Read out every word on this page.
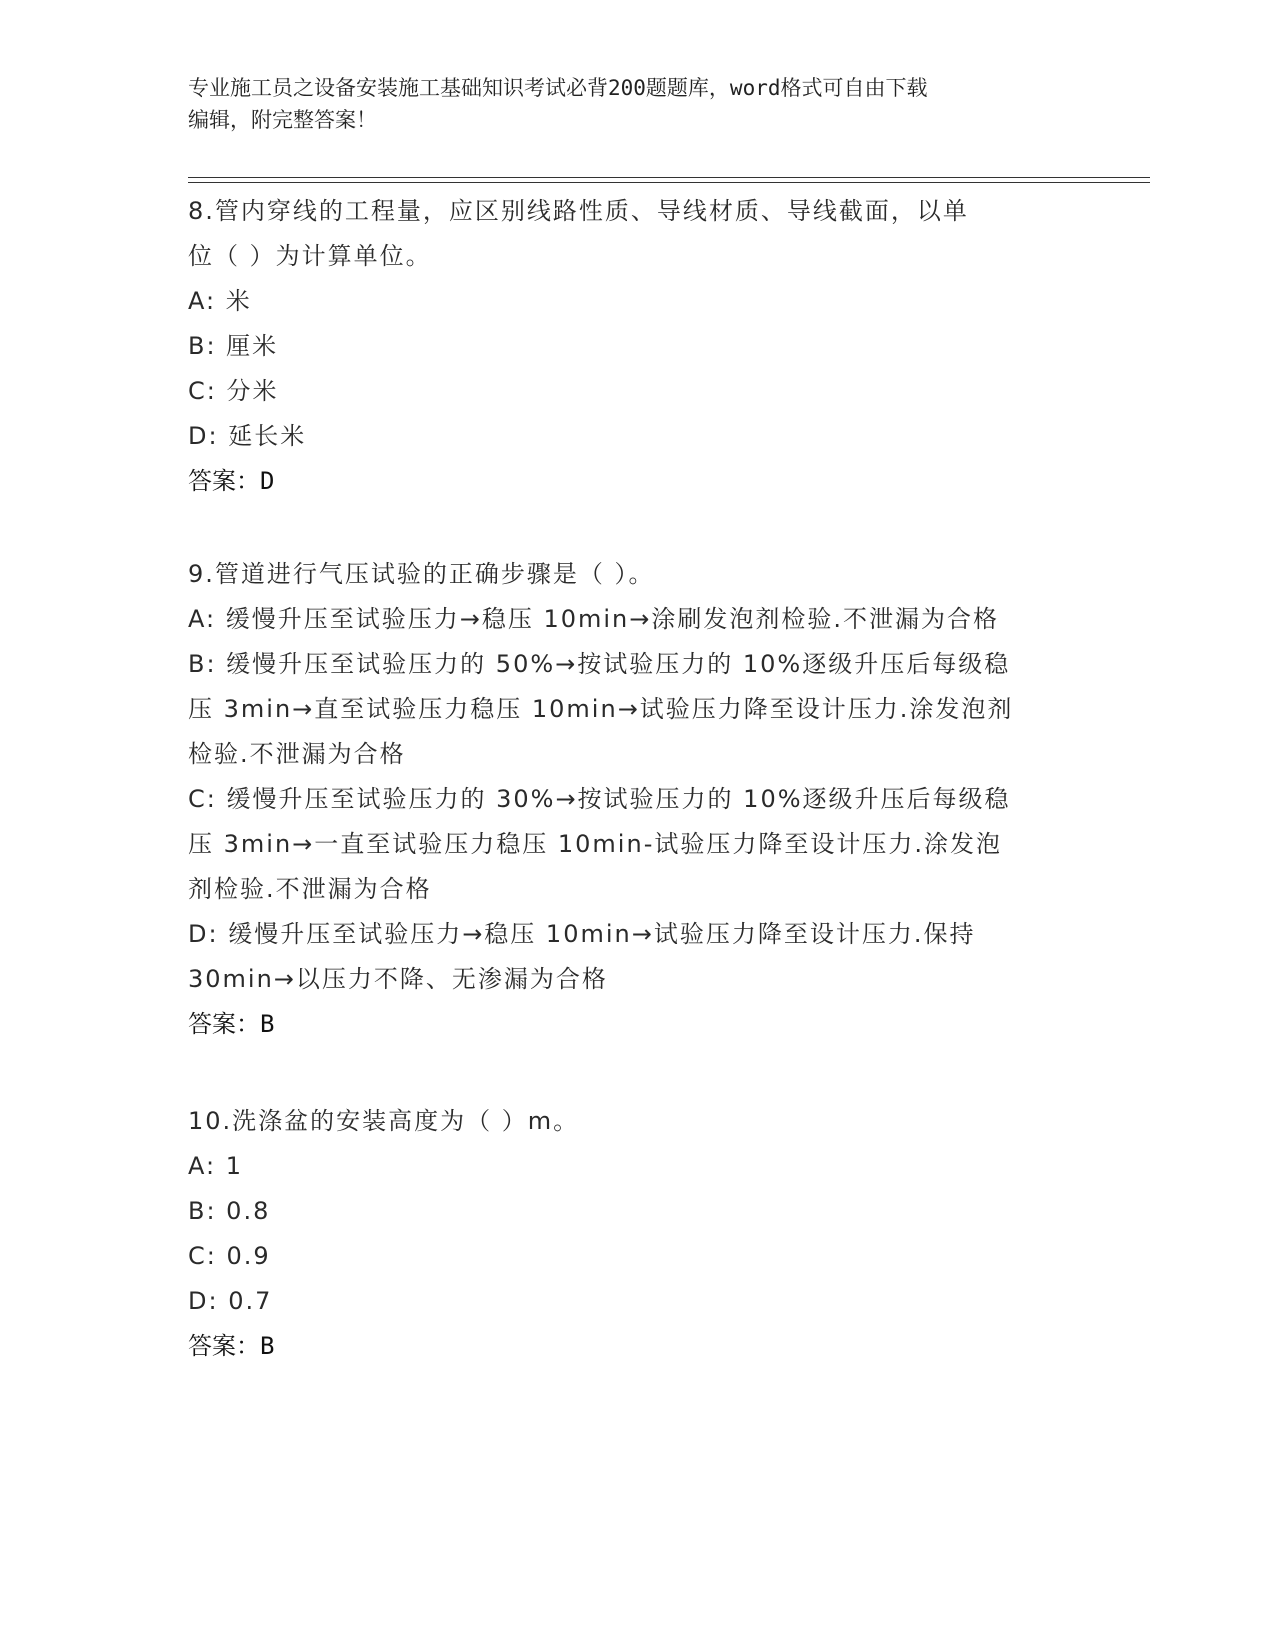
专业施工员之设备安装施工基础知识考试必背200题题库，word格式可自由下载
编辑，附完整答案！
8.管内穿线的工程量，应区别线路性质、导线材质、导线截面，以单
位（ ）为计算单位。
A: 米
B: 厘米
C: 分米
D: 延长米
答案：D
9.管道进行气压试验的正确步骤是（ ）。
A: 缓慢升压至试验压力→稳压 10min→涂刷发泡剂检验.不泄漏为合格
B: 缓慢升压至试验压力的 50%→按试验压力的 10%逐级升压后每级稳
压 3min→直至试验压力稳压 10min→试验压力降至设计压力.涂发泡剂
检验.不泄漏为合格
C: 缓慢升压至试验压力的 30%→按试验压力的 10%逐级升压后每级稳
压 3min→一直至试验压力稳压 10min-试验压力降至设计压力.涂发泡
剂检验.不泄漏为合格
D: 缓慢升压至试验压力→稳压 10min→试验压力降至设计压力.保持
30min→以压力不降、无渗漏为合格
答案：B
10.洗涤盆的安装高度为（ ）m。
A: 1
B: 0.8
C: 0.9
D: 0.7
答案：B
